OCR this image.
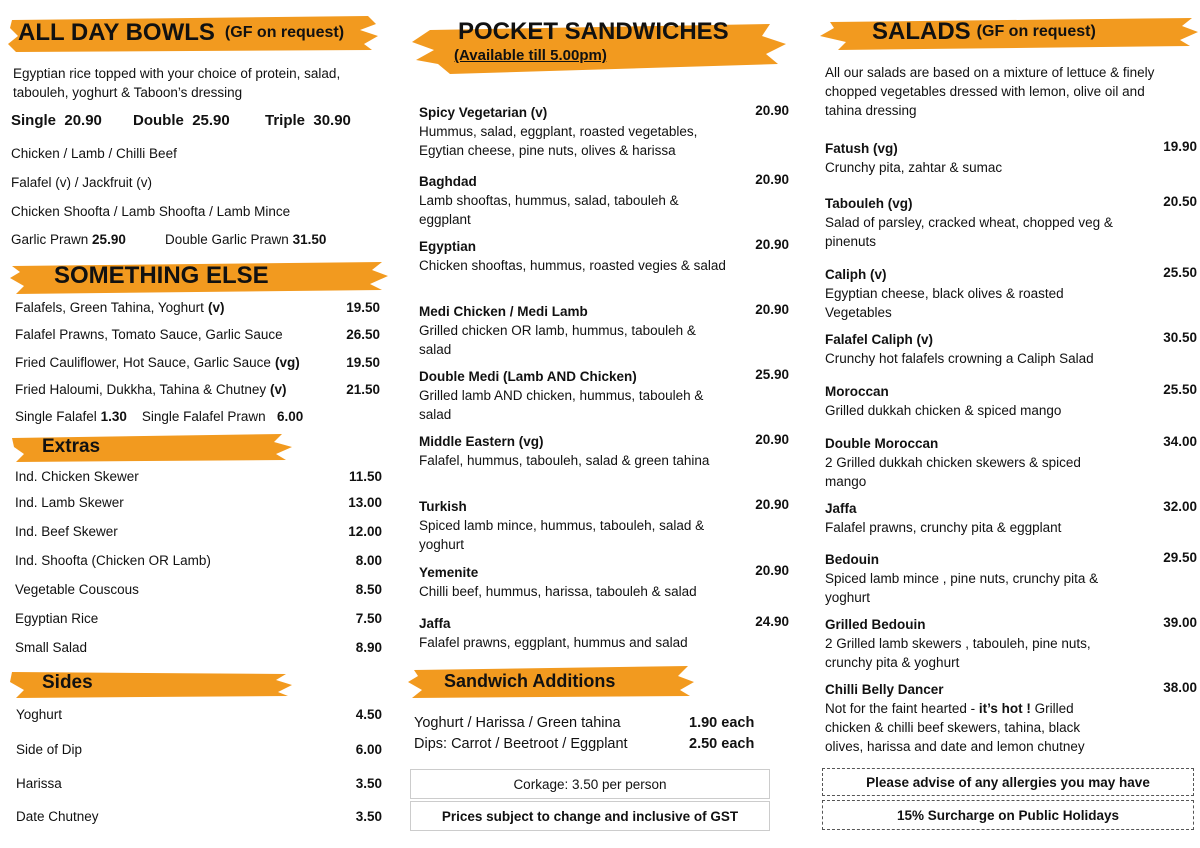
ALL DAY BOWLS (GF on request)
Egyptian rice topped with your choice of protein, salad, tabouleh, yoghurt & Taboon’s dressing
Single 20.90 Double 25.90 Triple 30.90
Chicken / Lamb / Chilli Beef
Falafel (v) / Jackfruit (v)
Chicken Shoofta / Lamb Shoofta / Lamb Mince
Garlic Prawn 25.90	Double Garlic Prawn 31.50
SOMETHING ELSE
Falafels, Green Tahina, Yoghurt (v)	19.50
Falafel Prawns, Tomato Sauce, Garlic Sauce	26.50
Fried Cauliflower, Hot Sauce, Garlic Sauce (vg)	19.50
Fried Haloumi, Dukkha, Tahina & Chutney (v)	21.50
Single Falafel 1.30 Single Falafel Prawn 6.00
Extras
Ind. Chicken Skewer	11.50
Ind. Lamb Skewer	13.00
Ind. Beef Skewer	12.00
Ind. Shoofta (Chicken OR Lamb)	8.00
Vegetable Couscous	8.50
Egyptian Rice	7.50
Small Salad	8.90
Sides
Yoghurt	4.50
Side of Dip	6.00
Harissa	3.50
Date Chutney	3.50
POCKET SANDWICHES
(Available till 5.00pm)
Spicy Vegetarian (v)	20.90
Hummus, salad, eggplant, roasted vegetables, Egytian cheese, pine nuts, olives & harissa
Baghdad	20.90
Lamb shooftas, hummus, salad, tabouleh & eggplant
Egyptian	20.90
Chicken shooftas, hummus, roasted vegies & salad
Medi Chicken / Medi Lamb	20.90
Grilled chicken OR lamb, hummus, tabouleh & salad
Double Medi (Lamb AND Chicken)	25.90
Grilled lamb AND chicken, hummus, tabouleh & salad
Middle Eastern (vg)	20.90
Falafel, hummus, tabouleh, salad & green tahina
Turkish	20.90
Spiced lamb mince, hummus, tabouleh, salad & yoghurt
Yemenite	20.90
Chilli beef, hummus, harissa, tabouleh & salad
Jaffa	24.90
Falafel prawns, eggplant, hummus and salad
Sandwich Additions
Yoghurt / Harissa / Green tahina	1.90 each
Dips: Carrot / Beetroot / Eggplant	2.50 each
Corkage: 3.50 per person
Prices subject to change and inclusive of GST
SALADS (GF on request)
All our salads are based on a mixture of lettuce & finely chopped vegetables dressed with lemon, olive oil and tahina dressing
Fatush (vg)	19.90
Crunchy pita, zahtar & sumac
Tabouleh (vg)	20.50
Salad of parsley, cracked wheat, chopped veg & pinenuts
Caliph (v)	25.50
Egyptian cheese, black olives & roasted Vegetables
Falafel Caliph (v)	30.50
Crunchy hot falafels crowning a Caliph Salad
Moroccan	25.50
Grilled dukkah chicken & spiced mango
Double Moroccan	34.00
2 Grilled dukkah chicken skewers & spiced mango
Jaffa	32.00
Falafel prawns, crunchy pita & eggplant
Bedouin	29.50
Spiced lamb mince , pine nuts, crunchy pita & yoghurt
Grilled Bedouin	39.00
2 Grilled lamb skewers , tabouleh, pine nuts, crunchy pita & yoghurt
Chilli Belly Dancer	38.00
Not for the faint hearted - it’s hot ! Grilled chicken & chilli beef skewers, tahina, black olives, harissa and date and lemon chutney
Please advise of any allergies you may have
15% Surcharge on Public Holidays
